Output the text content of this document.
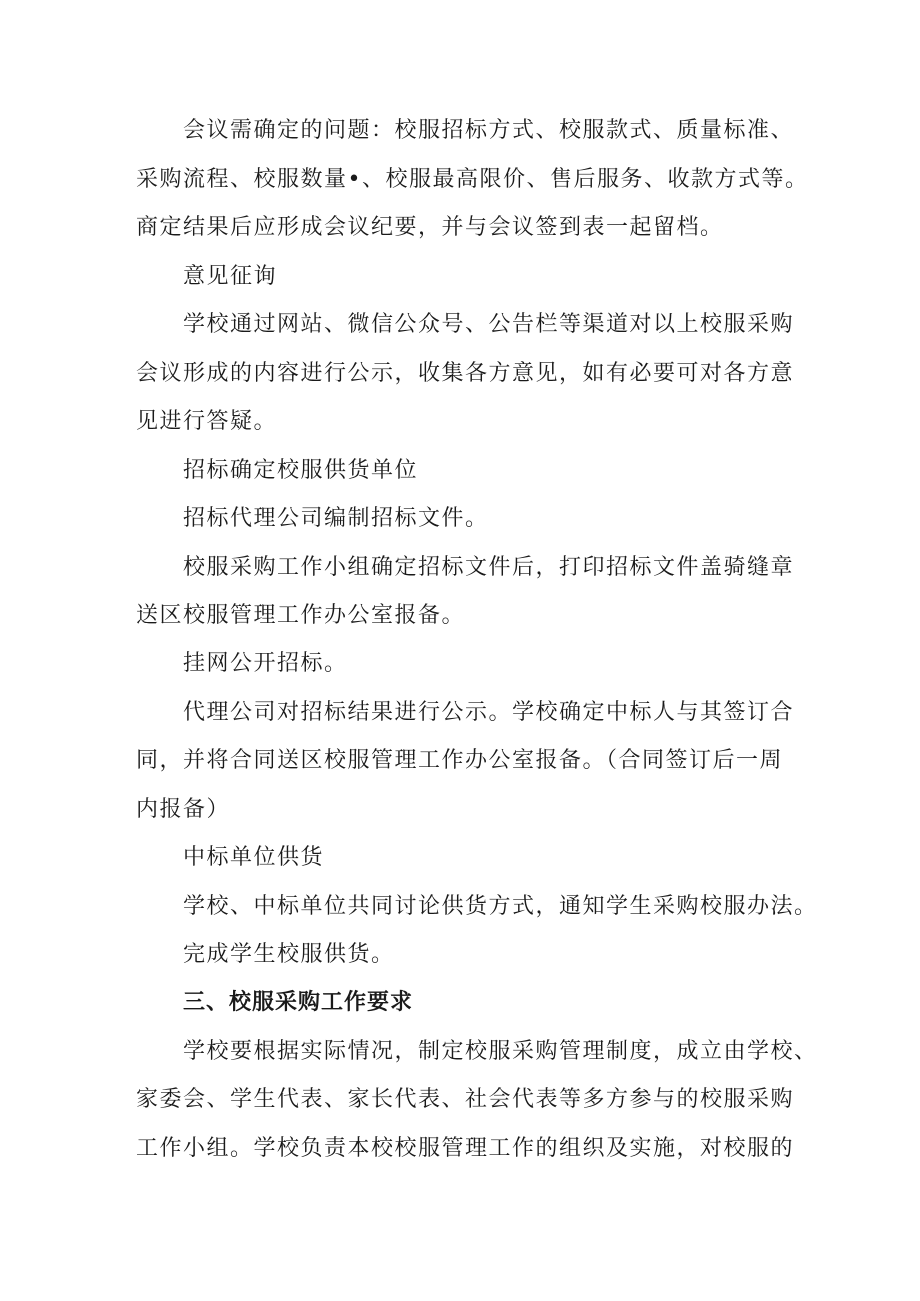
会议需确定的问题：校服招标方式、校服款式、质量标准、
采购流程、校服数量•、校服最高限价、售后服务、收款方式等。
商定结果后应形成会议纪要，并与会议签到表一起留档。
意见征询
学校通过网站、微信公众号、公告栏等渠道对以上校服采购
会议形成的内容进行公示，收集各方意见，如有必要可对各方意
见进行答疑。
招标确定校服供货单位
招标代理公司编制招标文件。
校服采购工作小组确定招标文件后，打印招标文件盖骑缝章
送区校服管理工作办公室报备。
挂网公开招标。
代理公司对招标结果进行公示。学校确定中标人与其签订合
同，并将合同送区校服管理工作办公室报备。（合同签订后一周
内报备）
中标单位供货
学校、中标单位共同讨论供货方式，通知学生采购校服办法。
完成学生校服供货。
三、校服采购工作要求
学校要根据实际情况，制定校服采购管理制度，成立由学校、
家委会、学生代表、家长代表、社会代表等多方参与的校服采购
工作小组。学校负责本校校服管理工作的组织及实施，对校服的
